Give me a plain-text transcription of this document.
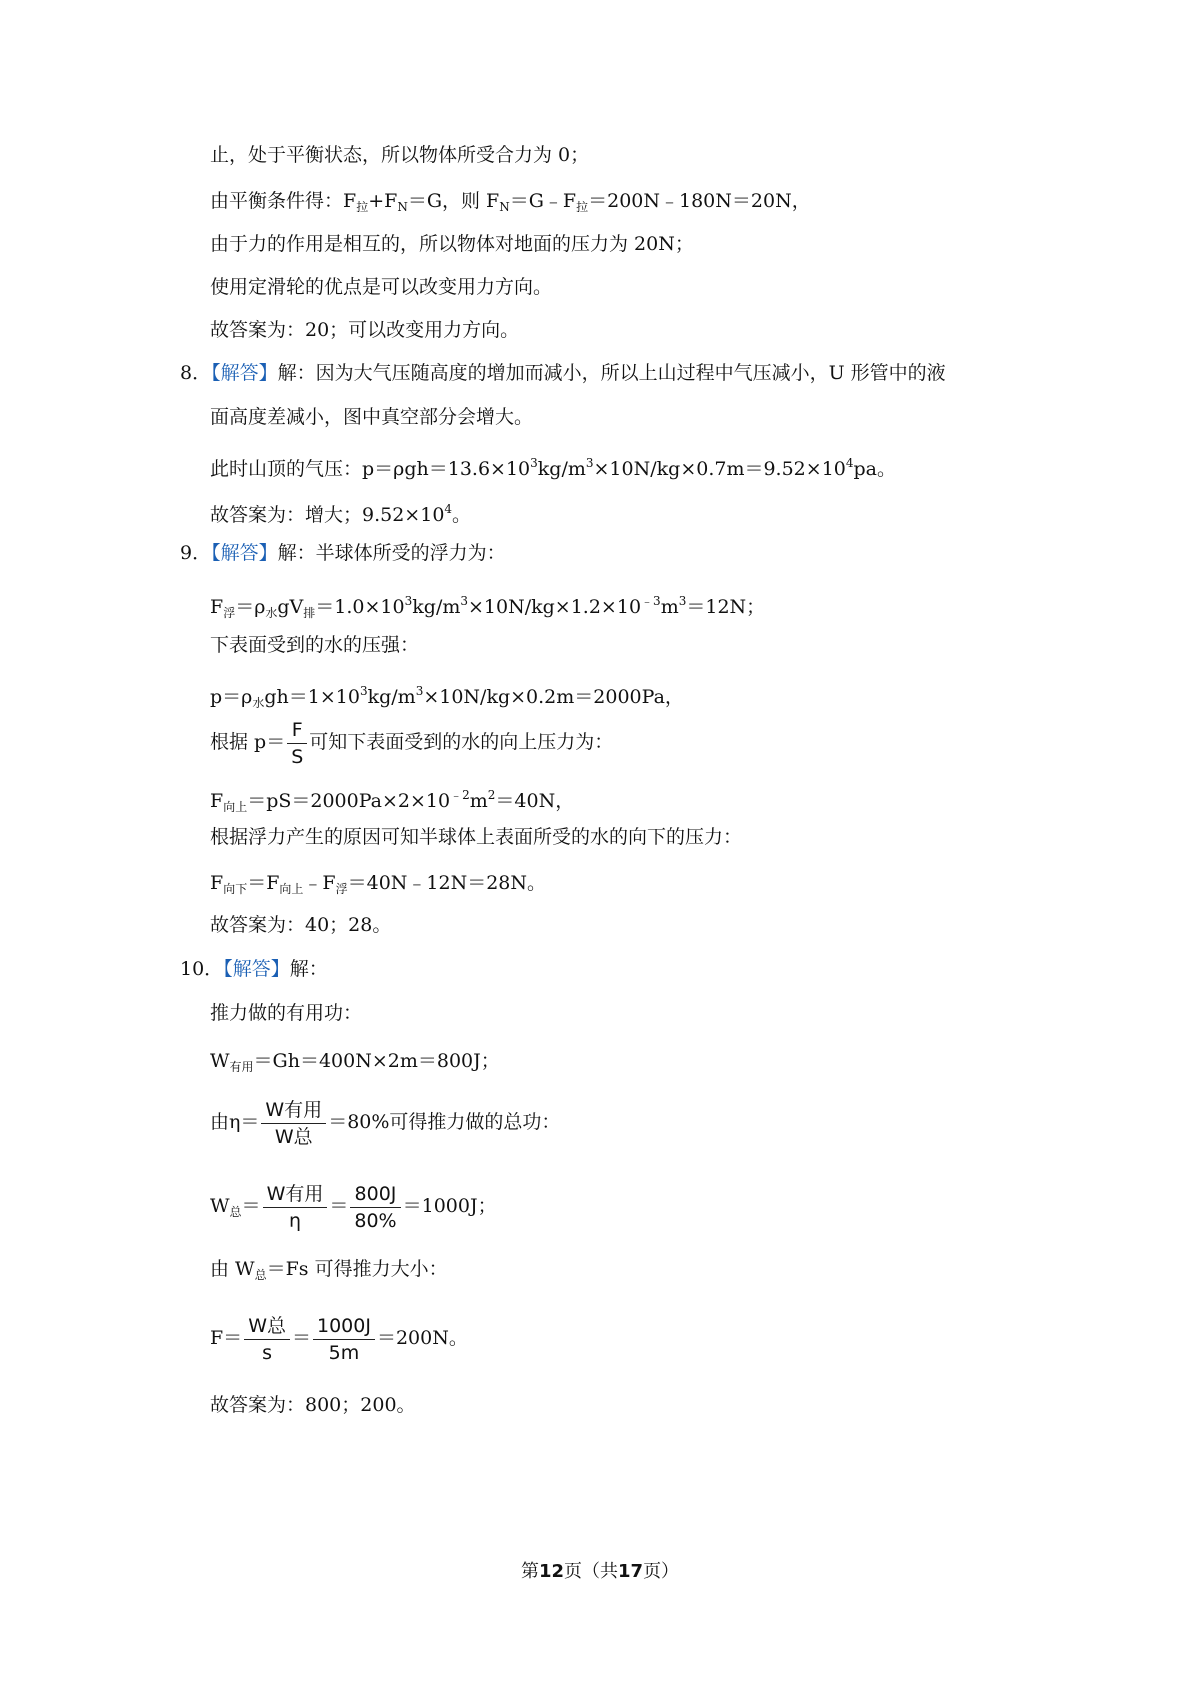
止，处于平衡状态，所以物体所受合力为 0；
由平衡条件得：$F_拉+F_N=G$，则 $F_N=G﹣F_拉=200N﹣180N=20N$，
由于力的作用是相互的，所以物体对地面的压力为 20N；
使用定滑轮的优点是可以改变用力方向。
故答案为：20；可以改变用力方向。
8．【解答】解：因为大气压随高度的增加而减小，所以上山过程中气压减小，U 形管中的液
面高度差减小，图中真空部分会增大。
此时山顶的气压：$p=\rho gh=13.6\times 10^3kg/m^3\times 10N/kg\times 0.7m=9.52\times 10^4pa$。
故答案为：增大；$9.52\times 10^4$。
9．【解答】解：半球体所受的浮力为：
$F_浮=\rho_水gV_排=1.0\times 10^3kg/m^3\times 10N/kg\times 1.2\times 10^{﹣3}m^3=12N$；
下表面受到的水的压强：
$p=\rho_水gh=1\times 10^3kg/m^3\times 10N/kg\times 0.2m=2000Pa$，
根据 $p= \frac{F}{S}$ 可知下表面受到的水的向上压力为：
$F_{向上}=pS=2000Pa\times 2\times 10^{﹣2}m^2=40N$，
根据浮力产生的原因可知半球体上表面所受的水的向下的压力：
$F_{向下}=F_{向上}﹣F_浮=40N﹣12N=28N$。
故答案为：40；28。
10．【解答】解：
推力做的有用功：
$W_{有用}=Gh=400N\times 2m=800J$；
由$\eta= \frac{\text{W有用}}{\text{W总}} =80\%$可得推力做的总功：
$W_总= \frac{\text{W有用}}{\eta} = \frac{800J}{80\%} =1000J$；
由 $W_总=Fs$ 可得推力大小：
$F= \frac{\text{W总}}{s} = \frac{1000J}{5m} =200N$。
故答案为：800；200。
第12页（共17页）
